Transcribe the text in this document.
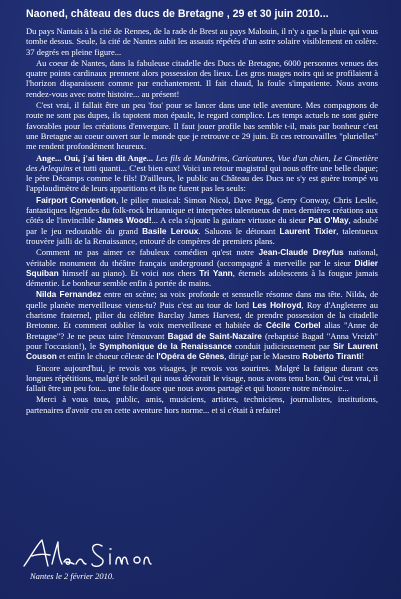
Naoned, château des ducs de Bretagne , 29 et 30 juin 2010...

Du pays Nantais à la cité de Rennes, de la rade de Brest au pays Malouin, il n'y a que la pluie qui vous tombe dessus. Seule, la cité de Nantes subit les assauts répétés d'un astre solaire visiblement en colère. 37 degrés en pleine figure...

Au coeur de Nantes, dans la fabuleuse citadelle des Ducs de Bretagne, 6000 personnes venues des quatre points cardinaux prennent alors possession des lieux. Les gros nuages noirs qui se profilaient à l'horizon disparaissent comme par enchantement. Il fait chaud, la foule s'impatiente. Nous avons rendez-vous avec notre histoire... au présent!

C'est vrai, il fallait être un peu 'fou' pour se lancer dans une telle aventure. Mes compagnons de route ne sont pas dupes, ils tapotent mon épaule, le regard complice. Les temps actuels ne sont guère favorables pour les créations d'envergure. Il faut jouer profile bas semble t-il, mais par bonheur c'est une Bretagne au coeur ouvert sur le monde que je retrouve ce 29 juin. Et ces retrouvailles "plurielles" me rendent profondément heureux.

Ange... Oui, j'ai bien dit Ange... Les fils de Mandrins, Caricatures, Vue d'un chien, Le Cimetière des Arlequins et tutti quanti... C'est bien eux! Voici un retour magistral qui nous offre une belle claque; le père Décamps comme le fils! D'ailleurs, le public au Château des Ducs ne s'y est guère trompé vu l'applaudimètre de leurs apparitions et ils ne furent pas les seuls:

Fairport Convention, le pilier musical: Simon Nicol, Dave Pegg, Gerry Conway, Chris Leslie, fantastiques légendes du folk-rock britannique et interprètes talentueux de mes dernières créations aux côtés de l'invincible James Wood!... A cela s'ajoute la guitare virtuose du sieur Pat O'May, adoubé par le jeu redoutable du grand Basile Leroux. Saluons le détonant Laurent Tixier, talentueux trouvère jailli de la Renaissance, entouré de compères de premiers plans.

Comment ne pas aimer ce fabuleux comédien qu'est notre Jean-Claude Dreyfus national, véritable monument du théâtre français underground (accompagné à merveille par le sieur Didier Squiban himself au piano). Et voici nos chers Tri Yann, éternels adolescents à la fougue jamais démentie. Le bonheur semble enfin à portée de mains.

Nilda Fernandez entre en scène; sa voix profonde et sensuelle résonne dans ma tête. Nilda, de quelle planète merveilleuse viens-tu? Puis c'est au tour de lord Les Holroyd, Roy d'Angleterre au charisme fraternel, pilier du célèbre Barclay James Harvest, de prendre possession de la citadelle Bretonne. Et comment oublier la voix merveilleuse et habitée de Cécile Corbel alias "Anne de Bretagne"? Je ne peux taire l'émouvant Bagad de Saint-Nazaire (rebaptisé Bagad "Anna Vreizh" pour l'occasion!), le Symphonique de la Renaissance conduit judicieusement par Sir Laurent Couson et enfin le choeur céleste de l'Opéra de Gênes, dirigé par le Maestro Roberto Tiranti!

Encore aujourd'hui, je revois vos visages, je revois vos sourires. Malgré la fatigue durant ces longues répétitions, malgré le soleil qui nous dévorait le visage, nous avons tenu bon. Oui c'est vrai, il fallait être un peu fou... une folie douce que nous avons partagé et qui honore notre mémoire...

Merci à vous tous, public, amis, musiciens, artistes, techniciens, journalistes, institutions, partenaires d'avoir cru en cette aventure hors norme... et si c'était à refaire!

Nantes le 2 février 2010.
